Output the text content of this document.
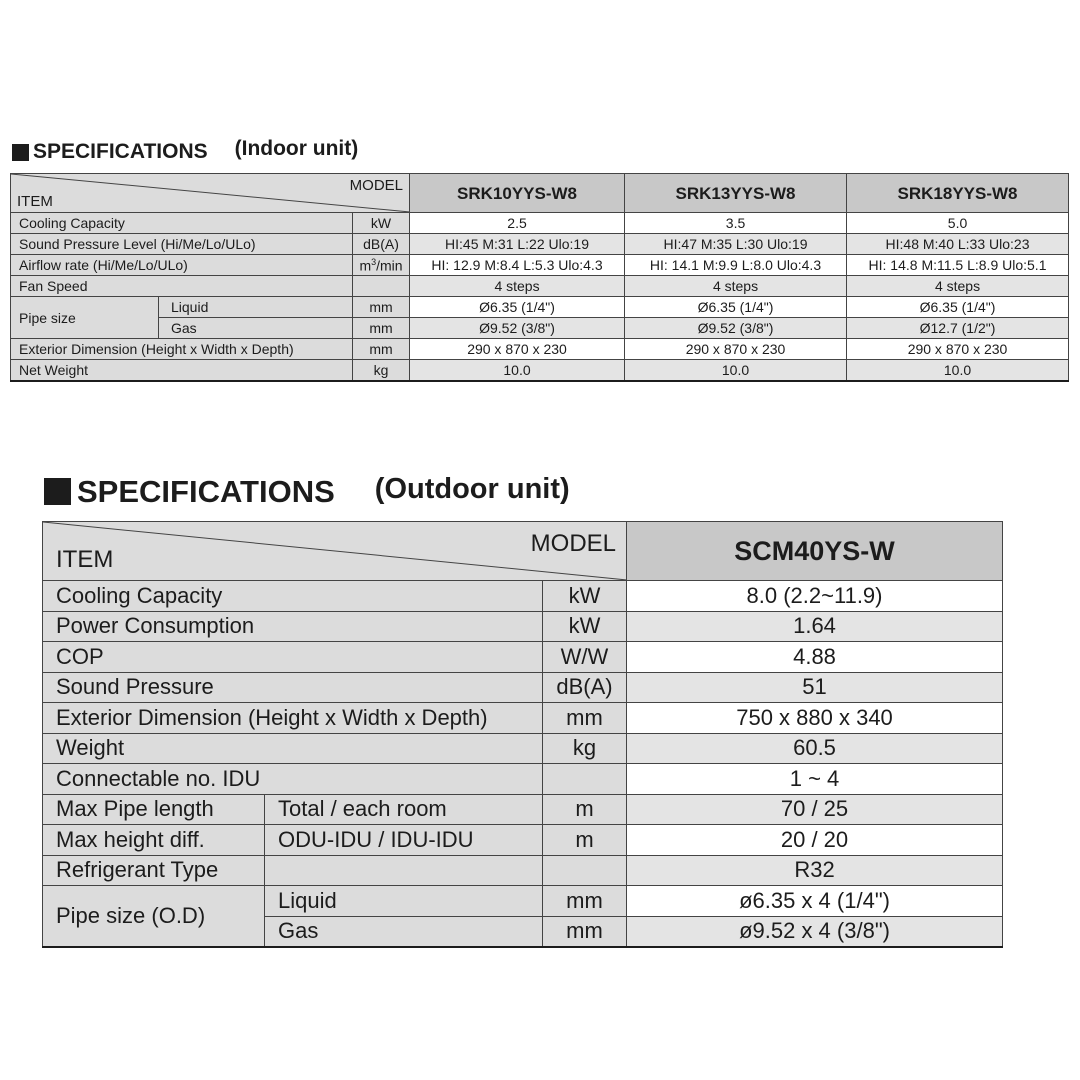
SPECIFICATIONS (Indoor unit)
ITEM
MODEL			SRK10YYS-W8	SRK13YYS-W8	SRK18YYS-W8
Cooling Capacity		kW	2.5	3.5	5.0
Sound Pressure Level (Hi/Me/Lo/ULo)		dB(A)	HI:45 M:31 L:22 Ulo:19	HI:47 M:35 L:30 Ulo:19	HI:48 M:40 L:33 Ulo:23
Airflow rate (Hi/Me/Lo/ULo)		$m^3/\min$	HI: 12.9 M:8.4 L:5.3 Ulo:4.3	HI: 14.1 M:9.9 L:8.0 Ulo:4.3	HI: 14.8 M:11.5 L:8.9 Ulo:5.1
Fan Speed			4 steps	4 steps	4 steps
Pipe size	Liquid	mm	Ø6.35 (1/4")	Ø6.35 (1/4")	Ø6.35 (1/4")
	Gas	mm	Ø9.52 (3/8")	Ø9.52 (3/8")	Ø12.7 (1/2")
Exterior Dimension (Height x Width x Depth)		mm	290 x 870 x 230	290 x 870 x 230	290 x 870 x 230
Net Weight		kg	10.0	10.0	10.0
SPECIFICATIONS (Outdoor unit)
ITEM
MODEL			SCM40YS-W
Cooling Capacity		kW	8.0 (2.2~11.9)
Power Consumption		kW	1.64
COP		W/W	4.88
Sound Pressure		dB(A)	51
Exterior Dimension (Height x Width x Depth)		mm	750 x 880 x 340
Weight		kg	60.5
Connectable no. IDU			1 ~ 4
Max Pipe length	Total / each room	m	70 / 25
Max height diff.	ODU-IDU / IDU-IDU	m	20 / 20
Refrigerant Type			R32
Pipe size (O.D)	Liquid	mm	ø6.35 x 4 (1/4")
	Gas	mm	ø9.52 x 4 (3/8")
